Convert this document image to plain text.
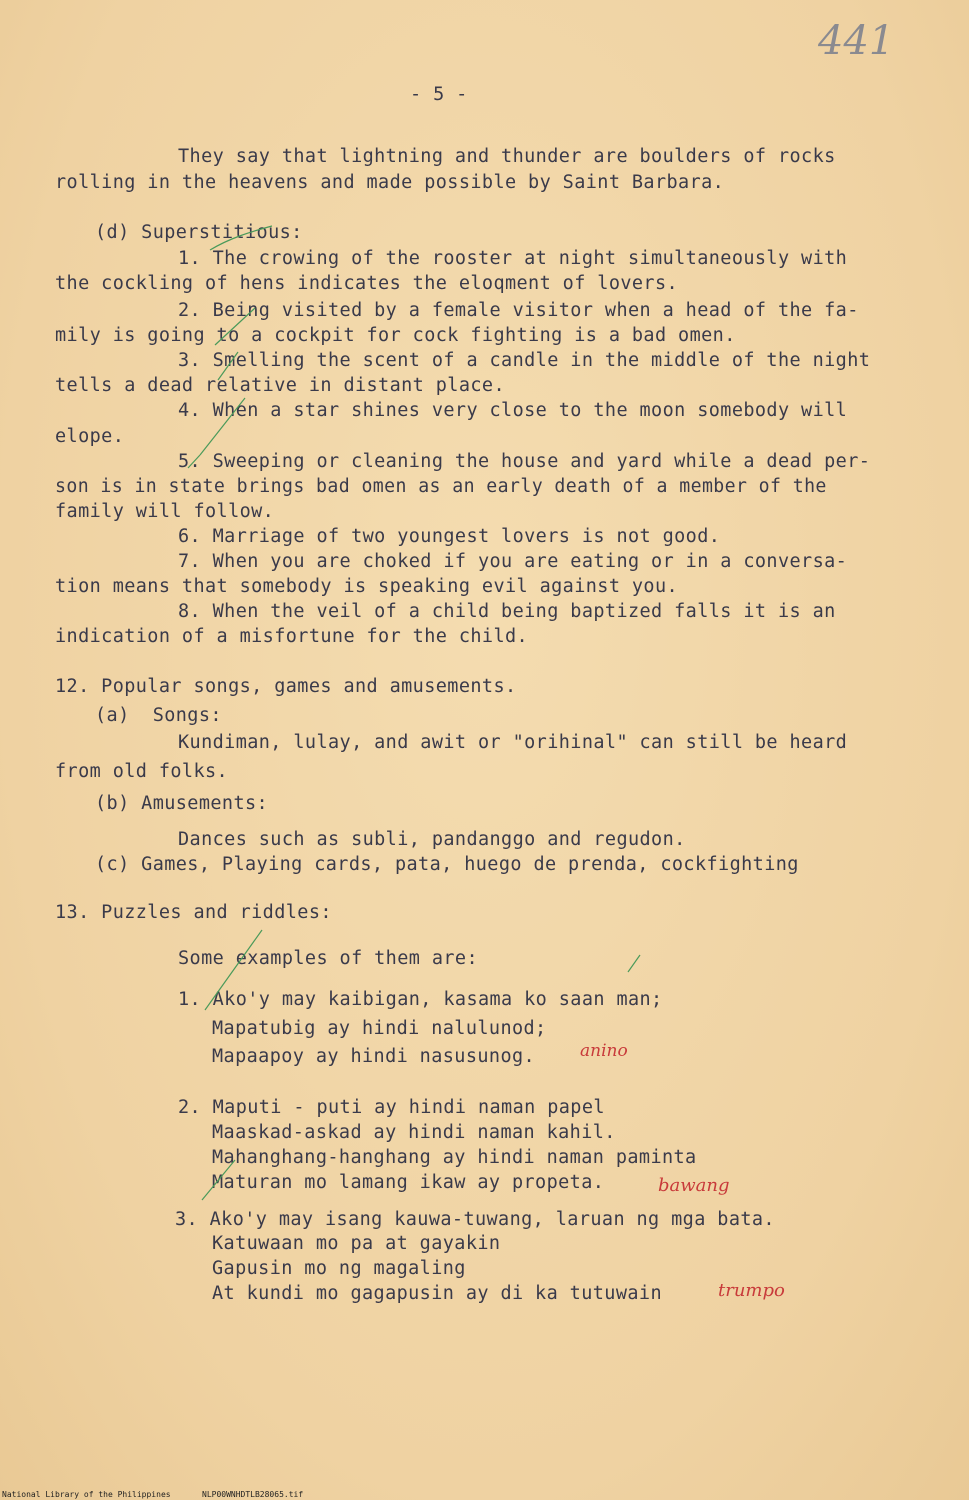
441
- 5 -
They say that lightning and thunder are boulders of rocks
rolling in the heavens and made possible by Saint Barbara.
(d) Superstitious:
1. The crowing of the rooster at night simultaneously with
the cockling of hens indicates the eloqment of lovers.
2. Being visited by a female visitor when a head of the fa-
mily is going to a cockpit for cock fighting is a bad omen.
3. Smelling the scent of a candle in the middle of the night
tells a dead relative in distant place.
4. When a star shines very close to the moon somebody will
elope.
5. Sweeping or cleaning the house and yard while a dead per-
son is in state brings bad omen as an early death of a member of the
family will follow.
6. Marriage of two youngest lovers is not good.
7. When you are choked if you are eating or in a conversa-
tion means that somebody is speaking evil against you.
8. When the veil of a child being baptized falls it is an
indication of a misfortune for the child.
12. Popular songs, games and amusements.
(a)  Songs:
Kundiman, lulay, and awit or "orihinal" can still be heard
from old folks.
(b) Amusements:
Dances such as subli, pandanggo and regudon.
(c) Games, Playing cards, pata, huego de prenda, cockfighting
13. Puzzles and riddles:
Some examples of them are:
1. Ako'y may kaibigan, kasama ko saan man;
Mapatubig ay hindi nalulunod;
Mapaapoy ay hindi nasusunog.	anino
2. Maputi - puti ay hindi naman papel
Maaskad-askad ay hindi naman kahil.
Mahanghang-hanghang ay hindi naman paminta
Maturan mo lamang ikaw ay propeta.	bawang
3. Ako'y may isang kauwa-tuwang, laruan ng mga bata.
Katuwaan mo pa at gayakin
Gapusin mo ng magaling
At kundi mo gagapusin ay di ka tutuwain	trumpo
National Library of the Philippines	NLP00WNHDTLB28065.tif
